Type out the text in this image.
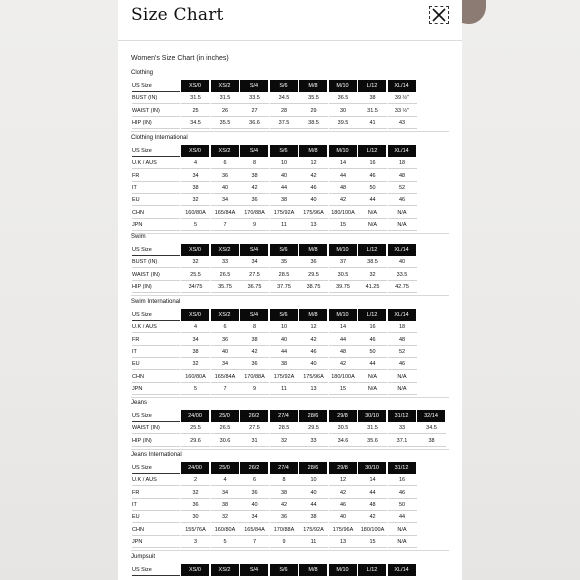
Size Chart
Women's Size Chart (in inches)
Clothing
US Size	XS/0	XS/2	S/4	S/6	M/8	M/10	L/12	XL/14
BUST (IN)	31.5	31.5	33.5	34.5	35.5	36.5	38	39 ½"
WAIST (IN)	25	26	27	28	29	30	31.5	33 ½"
HIP (IN)	34.5	35.5	36.6	37.5	38.5	39.5	41	43
Clothing International
US Size	XS/0	XS/2	S/4	S/6	M/8	M/10	L/12	XL/14
U.K / AUS	4	6	8	10	12	14	16	18
FR	34	36	38	40	42	44	46	48
IT	38	40	42	44	46	48	50	52
EU	32	34	36	38	40	42	44	46
CHN	160/80A	165/84A	170/88A	175/92A	175/96A	180/100A	N/A	N/A
JPN	5	7	9	11	13	15	N/A	N/A
Swim
US Size	XS/0	XS/2	S/4	S/6	M/8	M/10	L/12	XL/14
BUST (IN)	32	33	34	35	36	37	38.5	40
WAIST (IN)	25.5	26.5	27.5	28.5	29.5	30.5	32	33.5
HIP (IN)	34/75	35.75	36.75	37.75	38.75	39.75	41.25	42.75
Swim International
US Size	XS/0	XS/2	S/4	S/6	M/8	M/10	L/12	XL/14
U.K / AUS	4	6	8	10	12	14	16	18
FR	34	36	38	40	42	44	46	48
IT	38	40	42	44	46	48	50	52
EU	32	34	36	38	40	42	44	46
CHN	160/80A	165/84A	170/88A	175/92A	175/96A	180/100A	N/A	N/A
JPN	5	7	9	11	13	15	N/A	N/A
Jeans
US Size	24/00	25/0	26/2	27/4	28/6	29/8	30/10	31/12	32/14
WAIST (IN)	25.5	26.5	27.5	28.5	29.5	30.5	31.5	33	34.5
HIP (IN)	29.6	30.6	31	32	33	34.6	35.6	37.1	38
Jeans International
US Size	24/00	25/0	26/2	27/4	28/6	29/8	30/10	31/12
U.K / AUS	2	4	6	8	10	12	14	16
FR	32	34	36	38	40	42	44	46
IT	36	38	40	42	44	46	48	50
EU	30	32	34	36	38	40	42	44
CHN	155/76A	160/80A	165/84A	170/88A	175/92A	175/96A	180/100A	N/A
JPN	3	5	7	9	11	13	15	N/A
Jumpsuit
US Size	XS/0	XS/2	S/4	S/6	M/8	M/10	L/12	XL/14
